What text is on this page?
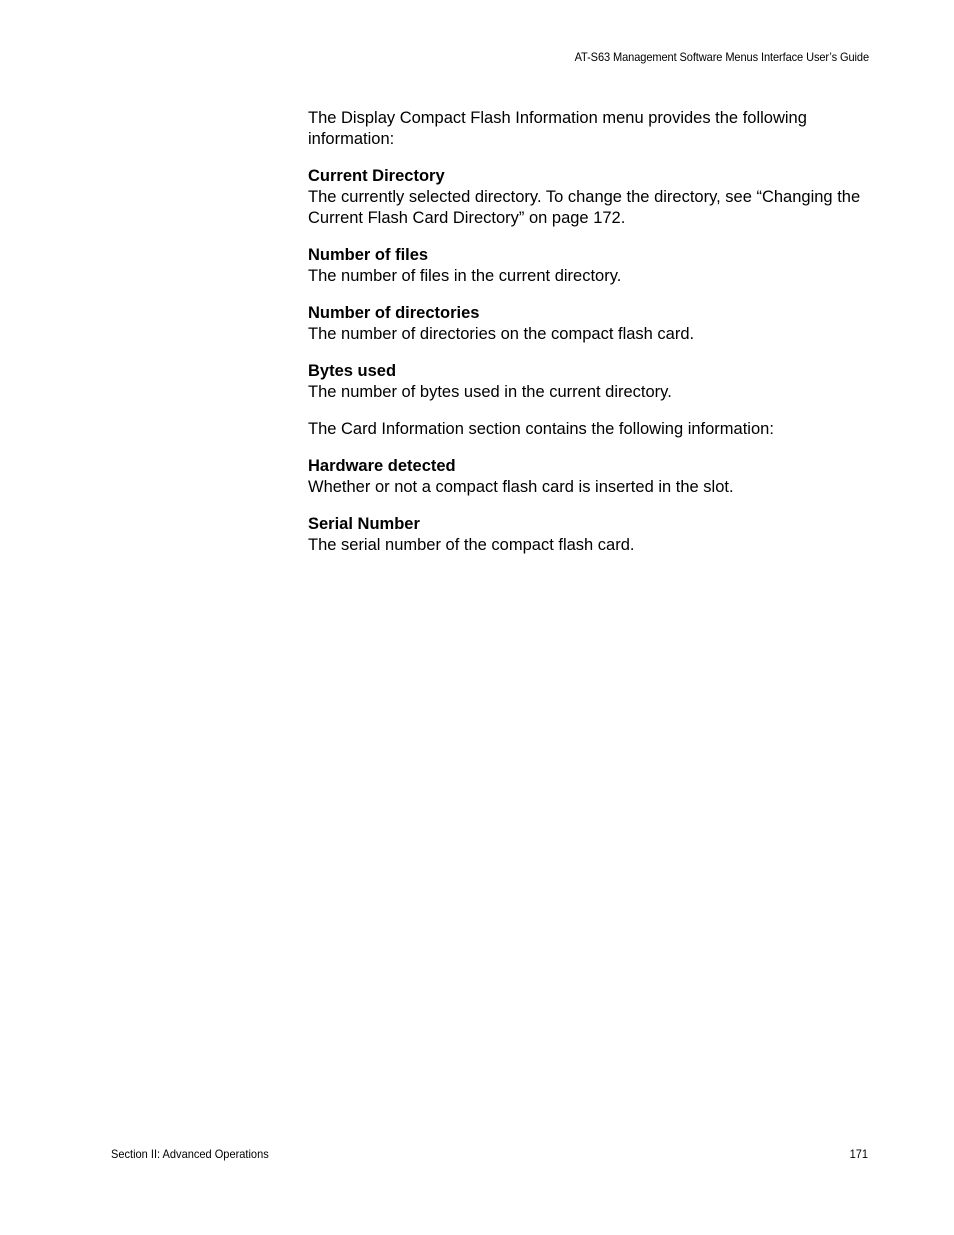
AT-S63 Management Software Menus Interface User’s Guide

The Display Compact Flash Information menu provides the following information:

Current Directory
The currently selected directory. To change the directory, see “Changing the Current Flash Card Directory” on page 172.
Number of files
The number of files in the current directory.
Number of directories
The number of directories on the compact flash card.
Bytes used
The number of bytes used in the current directory.

The Card Information section contains the following information:

Hardware detected
Whether or not a compact flash card is inserted in the slot.
Serial Number
The serial number of the compact flash card.
Section II: Advanced Operations	171
